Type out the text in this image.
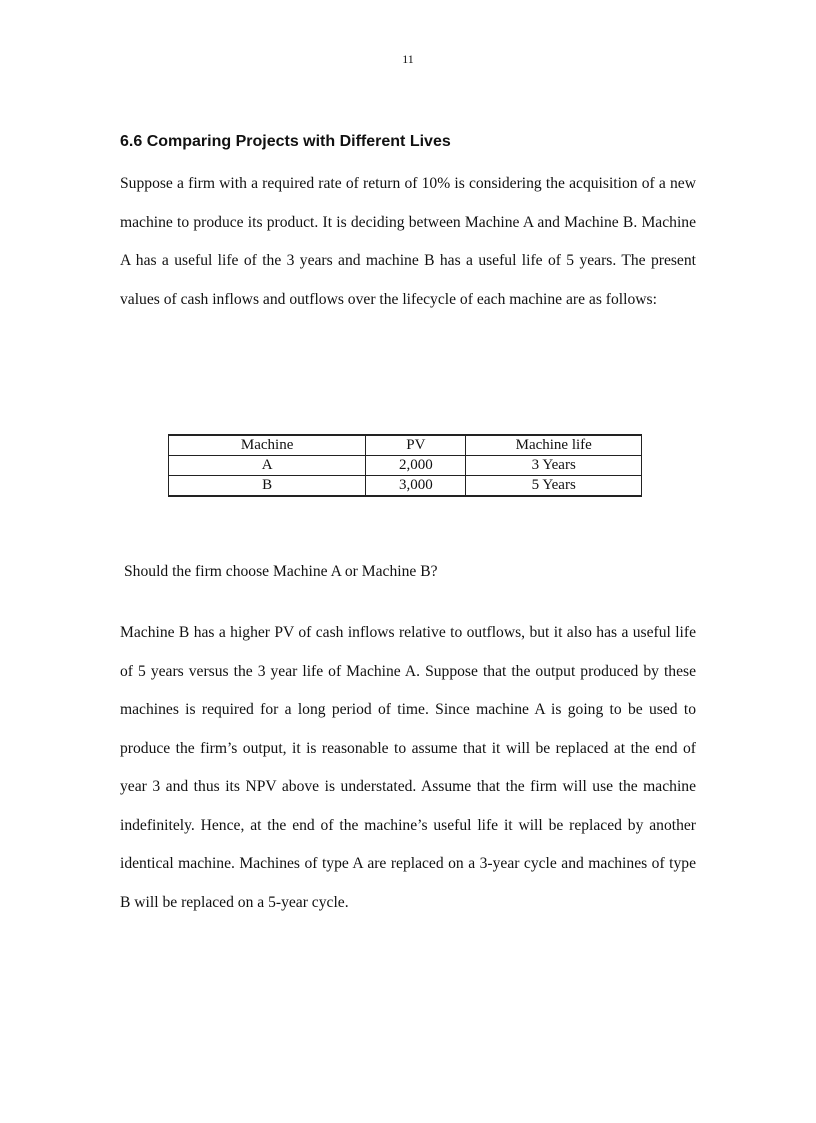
11
6.6 Comparing Projects with Different Lives

Suppose a firm with a required rate of return of 10% is considering the acquisition of a new machine to produce its product. It is deciding between Machine A and Machine B. Machine A has a useful life of the 3 years and machine B has a useful life of 5 years. The present values of cash inflows and outflows over the lifecycle of each machine are as follows:

Machine	PV	Machine life
A	2,000	3 Years
B	3,000	5 Years

Should the firm choose Machine A or Machine B?

Machine B has a higher PV of cash inflows relative to outflows, but it also has a useful life of 5 years versus the 3 year life of Machine A. Suppose that the output produced by these machines is required for a long period of time. Since machine A is going to be used to produce the firm’s output, it is reasonable to assume that it will be replaced at the end of year 3 and thus its NPV above is understated. Assume that the firm will use the machine indefinitely. Hence, at the end of the machine’s useful life it will be replaced by another identical machine. Machines of type A are replaced on a 3-year cycle and machines of type B will be replaced on a 5-year cycle.
